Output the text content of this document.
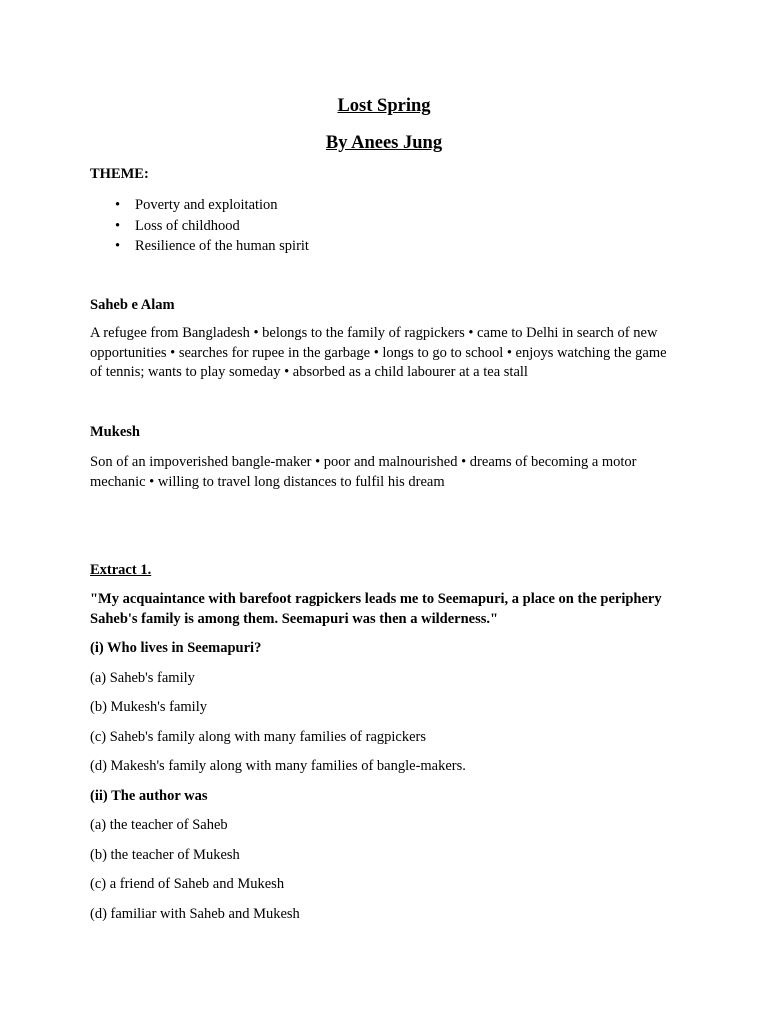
Lost Spring
By Anees Jung
THEME:
• Poverty and exploitation
• Loss of childhood
• Resilience of the human spirit
Saheb e Alam
A refugee from Bangladesh • belongs to the family of ragpickers • came to Delhi in search of new opportunities • searches for rupee in the garbage • longs to go to school • enjoys watching the game of tennis; wants to play someday • absorbed as a child labourer at a tea stall
Mukesh
Son of an impoverished bangle-maker • poor and malnourished • dreams of becoming a motor mechanic • willing to travel long distances to fulfil his dream
Extract 1.
"My acquaintance with barefoot ragpickers leads me to Seemapuri, a place on the periphery Saheb's family is among them. Seemapuri was then a wilderness."
(i) Who lives in Seemapuri?
(a) Saheb's family
(b) Mukesh's family
(c) Saheb's family along with many families of ragpickers
(d) Makesh's family along with many families of bangle-makers.
(ii) The author was
(a) the teacher of Saheb
(b) the teacher of Mukesh
(c) a friend of Saheb and Mukesh
(d) familiar with Saheb and Mukesh
